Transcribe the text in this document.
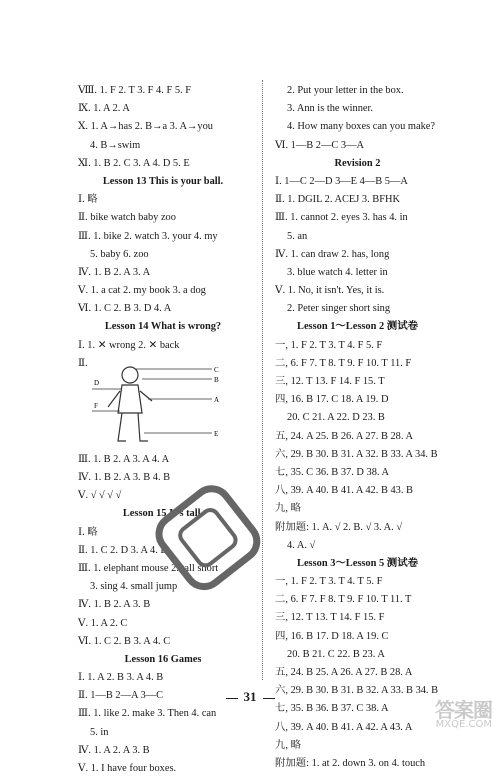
Ⅷ. 1. F 2. T 3. F 4. F 5. F
Ⅸ. 1. A 2. A
Ⅹ. 1. A→has 2. B→a 3. A→you
4. B→swim
Ⅺ. 1. B 2. C 3. A 4. D 5. E
Lesson 13 This is your ball.
Ⅰ. 略
Ⅱ. bike watch baby zoo
Ⅲ. 1. bike 2. watch 3. your 4. my
5. baby 6. zoo
Ⅳ. 1. B 2. A 3. A
Ⅴ. 1. a cat 2. my book 3. a dog
Ⅵ. 1. C 2. B 3. D 4. A
Lesson 14 What is wrong?
Ⅰ. 1. ✕ wrong 2. ✕ back
Ⅱ.
D
C
B
F
A
E
Ⅲ. 1. B 2. A 3. A 4. A
Ⅳ. 1. B 2. A 3. B 4. B
Ⅴ. √ √ √ √
Lesson 15 It's tall.
Ⅰ. 略
Ⅱ. 1. C 2. D 3. A 4. B
Ⅲ. 1. elephant mouse 2. tall short
3. sing 4. small jump
Ⅳ. 1. B 2. A 3. B
Ⅴ. 1. A 2. C
Ⅵ. 1. C 2. B 3. A 4. C
Lesson 16 Games
Ⅰ. 1. A 2. B 3. A 4. B
Ⅱ. 1—B 2—A 3—C
Ⅲ. 1. like 2. make 3. Then 4. can
5. in
Ⅳ. 1. A 2. A 3. B
Ⅴ. 1. I have four boxes.
2. Put your letter in the box.
3. Ann is the winner.
4. How many boxes can you make?
Ⅵ. 1—B 2—C 3—A
Revision 2
Ⅰ. 1—C 2—D 3—E 4—B 5—A
Ⅱ. 1. DGIL 2. ACEJ 3. BFHK
Ⅲ. 1. cannot 2. eyes 3. has 4. in
5. an
Ⅳ. 1. can draw 2. has, long
3. blue watch 4. letter in
Ⅴ. 1. No, it isn't. Yes, it is.
2. Peter singer short sing
Lesson 1～Lesson 2 测试卷
一, 1. F 2. T 3. T 4. F 5. F
二, 6. F 7. T 8. T 9. F 10. T 11. F
三, 12. T 13. F 14. F 15. T
四, 16. B 17. C 18. A 19. D
20. C 21. A 22. D 23. B
五, 24. A 25. B 26. A 27. B 28. A
六, 29. B 30. B 31. A 32. B 33. A 34. B
七, 35. C 36. B 37. D 38. A
八, 39. A 40. B 41. A 42. B 43. B
九, 略
附加题: 1. A. √ 2. B. √ 3. A. √
4. A. √
Lesson 3～Lesson 5 测试卷
一, 1. F 2. T 3. T 4. T 5. F
二, 6. F 7. F 8. T 9. F 10. T 11. T
三, 12. T 13. T 14. F 15. F
四, 16. B 17. D 18. A 19. C
20. B 21. C 22. B 23. A
五, 24. B 25. A 26. A 27. B 28. A
六, 29. B 30. B 31. B 32. A 33. B 34. B
七, 35. B 36. B 37. C 38. A
八, 39. A 40. B 41. A 42. A 43. A
九, 略
附加题: 1. at 2. down 3. on 4. touch
31
答案圈
MXQE.COM
